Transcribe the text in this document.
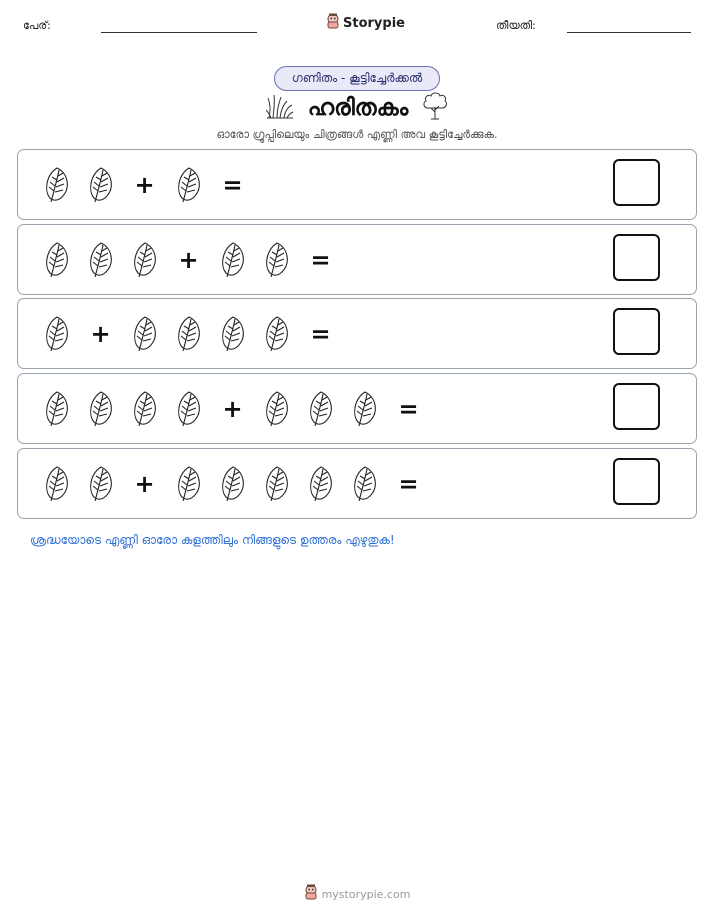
പേര്:	Storypie	തീയതി:
ഗണിതം - കൂട്ടിച്ചേർക്കൽ
ഹരിതകം
ഓരോ ഗ്രൂപ്പിലെയും ചിത്രങ്ങൾ എണ്ണി അവ കൂട്ടിച്ചേർക്കുക.
+	=
+	=
+	=
+	=
+	=
ശ്രദ്ധയോടെ എണ്ണി ഓരോ കളത്തിലും നിങ്ങളുടെ ഉത്തരം എഴുതുക!
mystorypie.com
